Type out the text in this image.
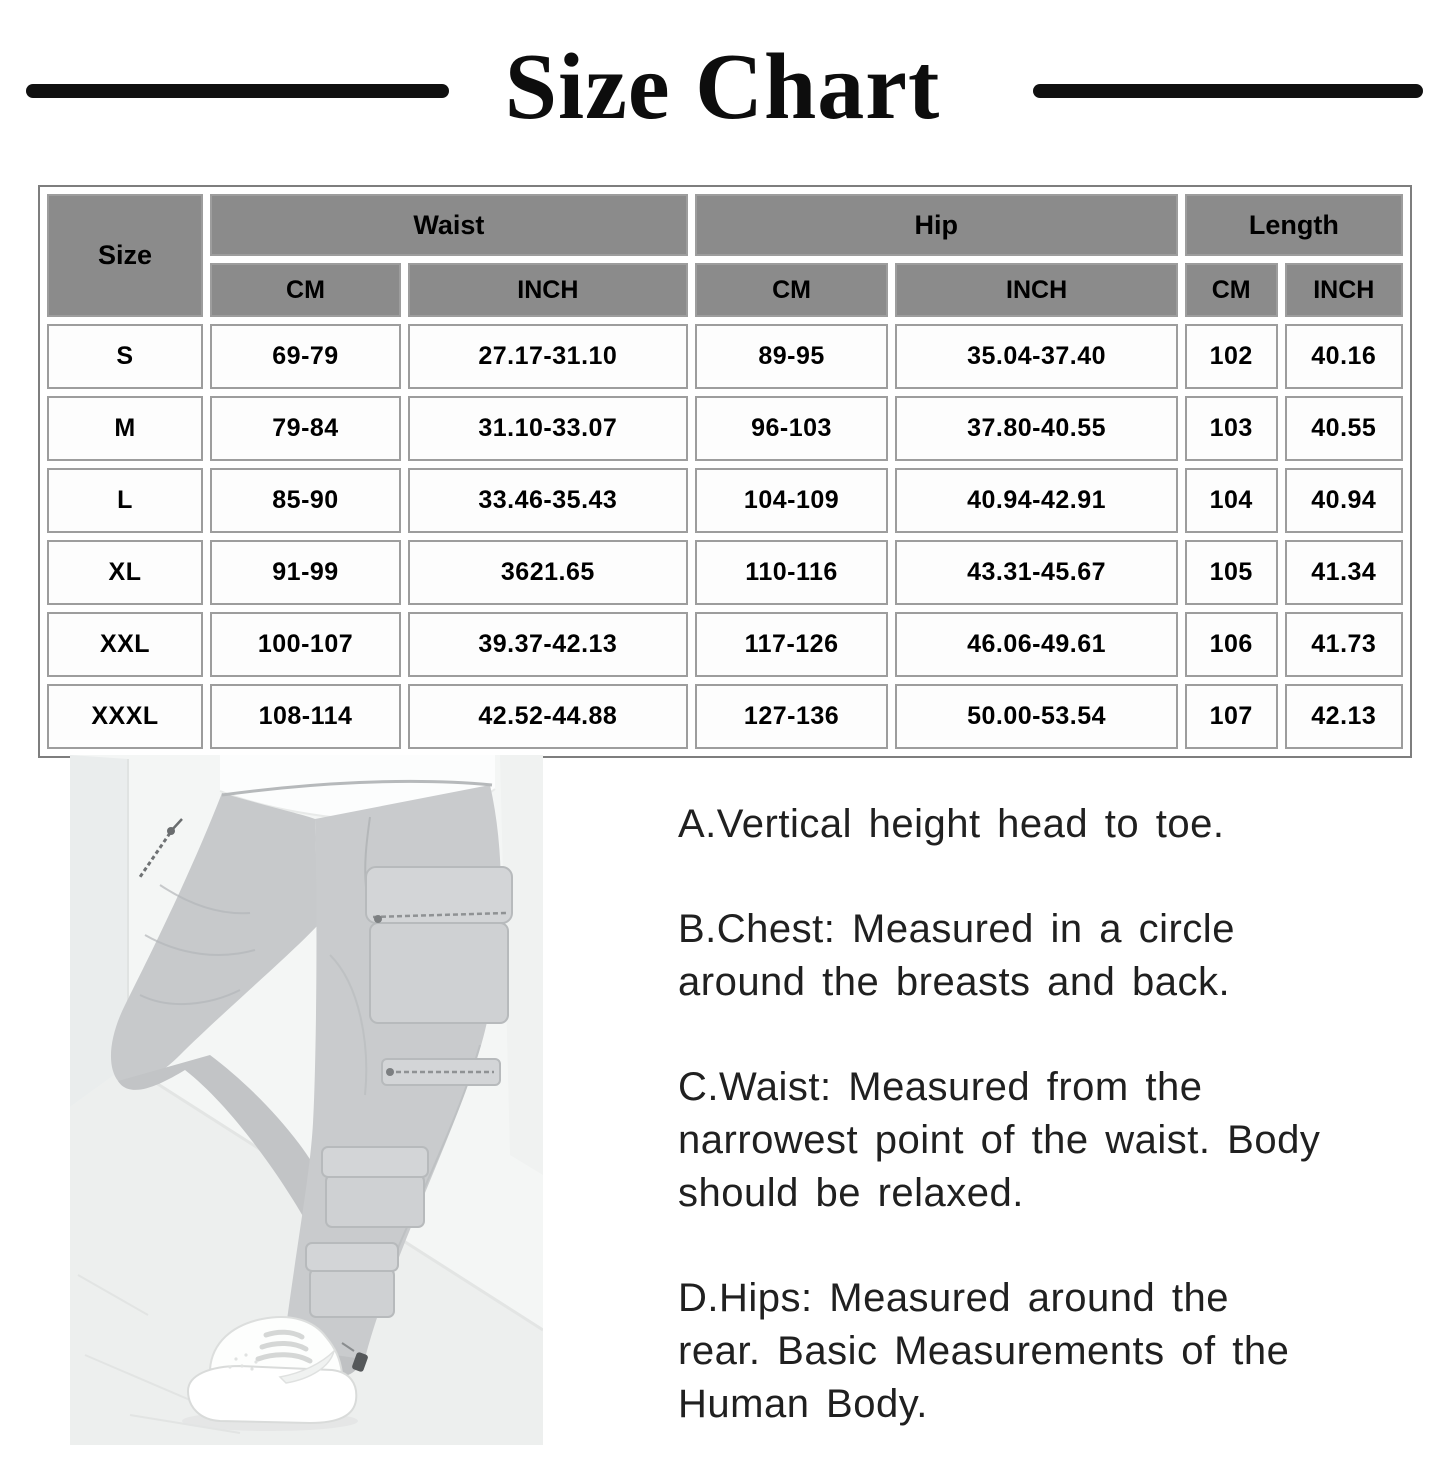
Size Chart
Size	Waist		Hip		Length	
	CM	INCH	CM	INCH	CM	INCH
S	69-79	27.17-31.10	89-95	35.04-37.40	102	40.16
M	79-84	31.10-33.07	96-103	37.80-40.55	103	40.55
L	85-90	33.46-35.43	104-109	40.94-42.91	104	40.94
XL	91-99	3621.65	110-116	43.31-45.67	105	41.34
XXL	100-107	39.37-42.13	117-126	46.06-49.61	106	41.73
XXXL	108-114	42.52-44.88	127-136	50.00-53.54	107	42.13
A.Vertical height head to toe.
B.Chest: Measured in a circle
around the breasts and back.
C.Waist: Measured from the
narrowest point of the waist. Body
should be relaxed.
D.Hips: Measured around the
rear. Basic Measurements of the
Human Body.
